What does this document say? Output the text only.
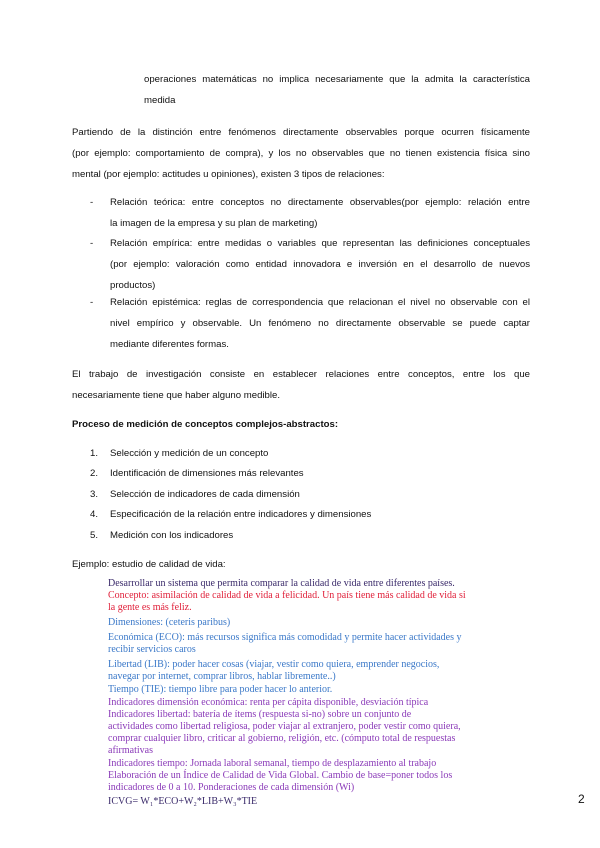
operaciones matemáticas no implica necesariamente que la admita la característica
medida
Partiendo de la distinción entre fenómenos directamente observables porque ocurren físicamente
(por ejemplo: comportamiento de compra), y los no observables que no tienen existencia física sino
mental (por ejemplo: actitudes u opiniones), existen 3 tipos de relaciones:
- Relación teórica: entre conceptos no directamente observables(por ejemplo: relación entre
la imagen de la empresa y su plan de marketing)
- Relación empírica: entre medidas o variables que representan las definiciones conceptuales
(por ejemplo: valoración como entidad innovadora e inversión en el desarrollo de nuevos
productos)
- Relación epistémica: reglas de correspondencia que relacionan el nivel no observable con el
nivel empírico y observable. Un fenómeno no directamente observable se puede captar
mediante diferentes formas.
El trabajo de investigación consiste en establecer relaciones entre conceptos, entre los que
necesariamente tiene que haber alguno medible.
Proceso de medición de conceptos complejos-abstractos:
1. Selección y medición de un concepto
2. Identificación de dimensiones más relevantes
3. Selección de indicadores de cada dimensión
4. Especificación de la relación entre indicadores y dimensiones
5. Medición con los indicadores
Ejemplo: estudio de calidad de vida:
Desarrollar un sistema que permita comparar la calidad de vida entre diferentes países.
Concepto: asimilación de calidad de vida a felicidad. Un país tiene más calidad de vida si
la gente es más feliz.
Dimensiones: (ceteris paribus)
Económica (ECO): más recursos significa más comodidad y permite hacer actividades y
recibir servicios caros
Libertad (LIB): poder hacer cosas (viajar, vestir como quiera, emprender negocios,
navegar por internet, comprar libros, hablar libremente..)
Tiempo (TIE): tiempo libre para poder hacer lo anterior.
Indicadores dimensión económica: renta per cápita disponible, desviación típica
Indicadores libertad: batería de ítems (respuesta si-no) sobre un conjunto de
actividades como libertad religiosa, poder viajar al extranjero, poder vestir como quiera,
comprar cualquier libro, criticar al gobierno, religión, etc. (cómputo total de respuestas
afirmativas
Indicadores tiempo: Jornada laboral semanal, tiempo de desplazamiento al trabajo
Elaboración de un Índice de Calidad de Vida Global. Cambio de base=poner todos los
indicadores de 0 a 10. Ponderaciones de cada dimensión (Wi)
ICVG= W₁*ECO+W₂*LIB+W₃*TIE	2
